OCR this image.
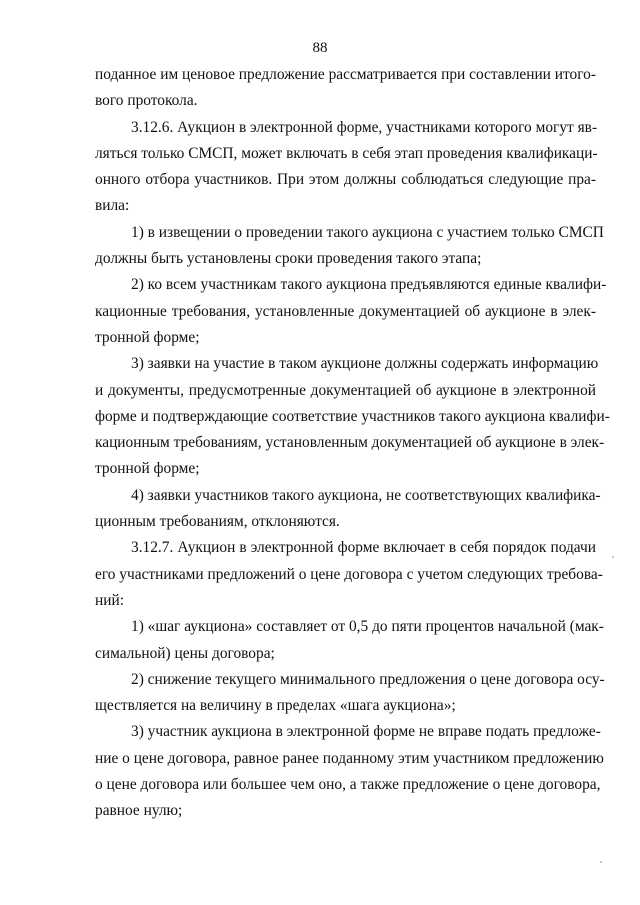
88
поданное им ценовое предложение рассматривается при составлении итого-
вого протокола.
3.12.6. Аукцион в электронной форме, участниками которого могут яв-
ляться только СМСП, может включать в себя этап проведения квалификаци-
онного отбора участников. При этом должны соблюдаться следующие пра-
вила:
1) в извещении о проведении такого аукциона с участием только СМСП
должны быть установлены сроки проведения такого этапа;
2) ко всем участникам такого аукциона предъявляются единые квалифи-
кационные требования, установленные документацией об аукционе в элек-
тронной форме;
3) заявки на участие в таком аукционе должны содержать информацию
и документы, предусмотренные документацией об аукционе в электронной
форме и подтверждающие соответствие участников такого аукциона квалифи-
кационным требованиям, установленным документацией об аукционе в элек-
тронной форме;
4) заявки участников такого аукциона, не соответствующих квалифика-
ционным требованиям, отклоняются.
3.12.7. Аукцион в электронной форме включает в себя порядок подачи
его участниками предложений о цене договора с учетом следующих требова-
ний:
1) «шаг аукциона» составляет от 0,5 до пяти процентов начальной (мак-
симальной) цены договора;
2) снижение текущего минимального предложения о цене договора осу-
ществляется на величину в пределах «шага аукциона»;
3) участник аукциона в электронной форме не вправе подать предложе-
ние о цене договора, равное ранее поданному этим участником предложению
о цене договора или большее чем оно, а также предложение о цене договора,
равное нулю;
